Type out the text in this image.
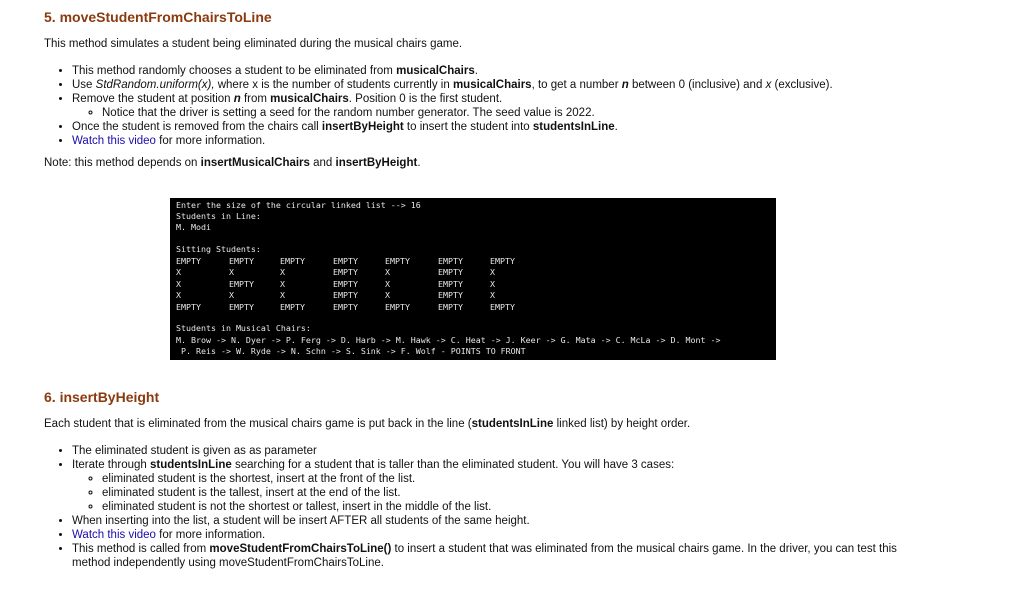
5. moveStudentFromChairsToLine

This method simulates a student being eliminated during the musical chairs game.

• This method randomly chooses a student to be eliminated from musicalChairs.
• Use StdRandom.uniform(x), where x is the number of students currently in musicalChairs, to get a number n between 0 (inclusive) and x (exclusive).
• Remove the student at position n from musicalChairs. Position 0 is the first student.
◦ Notice that the driver is setting a seed for the random number generator. The seed value is 2022.
• Once the student is removed from the chairs call insertByHeight to insert the student into studentsInLine.
• Watch this video for more information.

Note: this method depends on insertMusicalChairs and insertByHeight.

6. insertByHeight

Each student that is eliminated from the musical chairs game is put back in the line (studentsInLine linked list) by height order.

• The eliminated student is given as as parameter
• Iterate through studentsInLine searching for a student that is taller than the eliminated student. You will have 3 cases:
◦ eliminated student is the shortest, insert at the front of the list.
◦ eliminated student is the tallest, insert at the end of the list.
◦ eliminated student is not the shortest or tallest, insert in the middle of the list.
• When inserting into the list, a student will be insert AFTER all students of the same height.
• Watch this video for more information.
• This method is called from moveStudentFromChairsToLine() to insert a student that was eliminated from the musical chairs game. In the driver, you can test this method independently using moveStudentFromChairsToLine.
Enter the size of the circular linked list --> 16
Students in Line:
M. Modi
Sitting Students:
EMPTY	EMPTY	EMPTY	EMPTY	EMPTY	EMPTY	EMPTY
X	X	X	EMPTY	X	EMPTY	X
X	EMPTY	X	EMPTY	X	EMPTY	X
X	X	X	EMPTY	X	EMPTY	X
EMPTY	EMPTY	EMPTY	EMPTY	EMPTY	EMPTY	EMPTY
Students in Musical Chairs:
M. Brow -> N. Dyer -> P. Ferg -> D. Harb -> M. Hawk -> C. Heat -> J. Keer -> G. Mata -> C. McLa -> D. Mont ->
P. Reis -> W. Ryde -> N. Schn -> S. Sink -> F. Wolf - POINTS TO FRONT
